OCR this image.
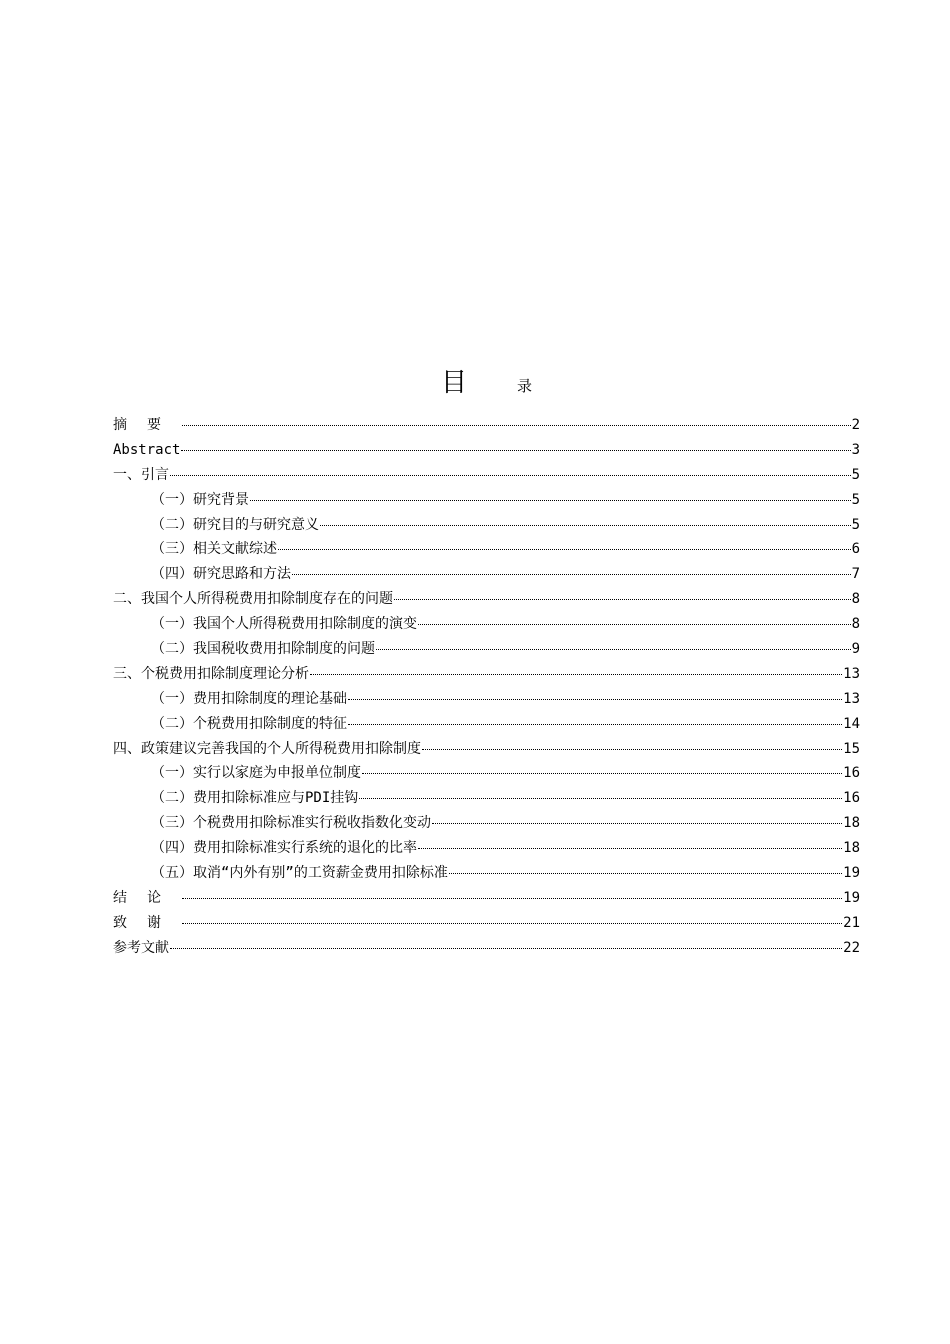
目	录
摘要	2
Abstract	3
一、引言	5
（一）研究背景	5
（二）研究目的与研究意义	5
（三）相关文献综述	6
（四）研究思路和方法	7
二、我国个人所得税费用扣除制度存在的问题	8
（一）我国个人所得税费用扣除制度的演变	8
（二）我国税收费用扣除制度的问题	9
三、个税费用扣除制度理论分析	13
（一）费用扣除制度的理论基础	13
（二）个税费用扣除制度的特征	14
四、政策建议完善我国的个人所得税费用扣除制度	15
（一）实行以家庭为申报单位制度	16
（二）费用扣除标准应与PDI挂钩	16
（三）个税费用扣除标准实行税收指数化变动	18
（四）费用扣除标准实行系统的退化的比率	18
（五）取消“内外有别”的工资薪金费用扣除标准	19
结论	19
致谢	21
参考文献	22
